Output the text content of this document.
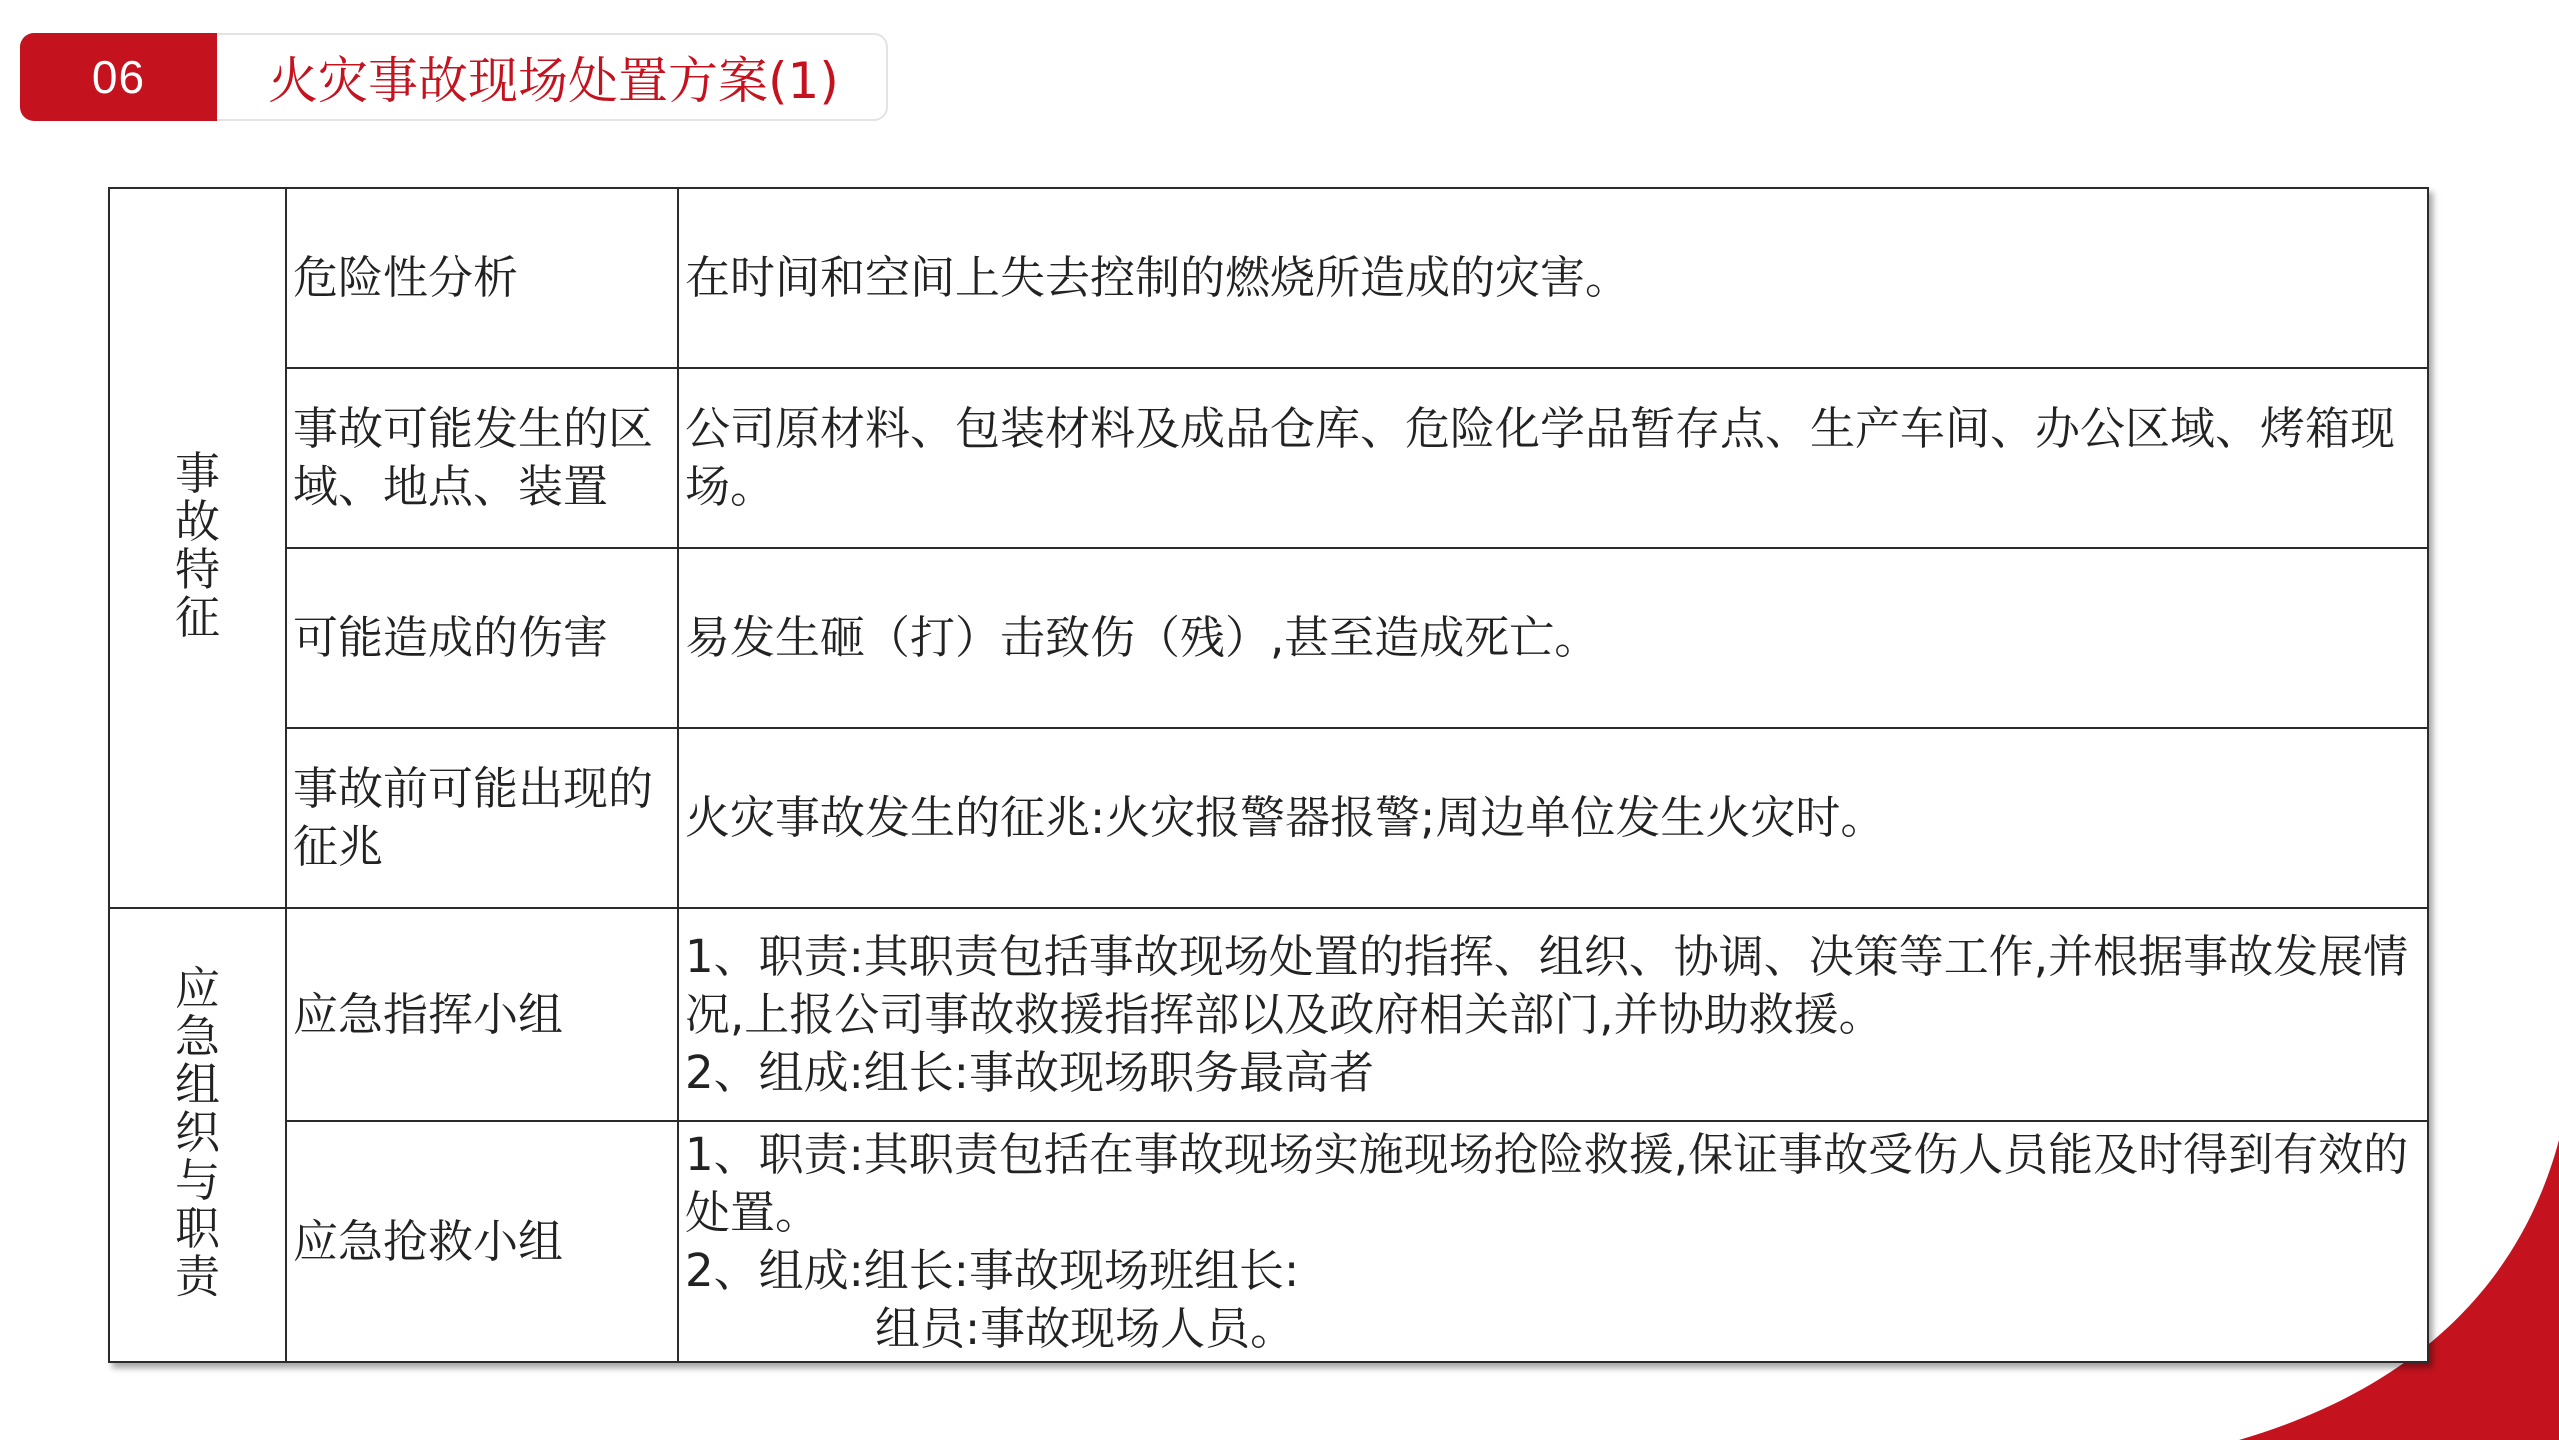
06	火灾事故现场处置方案(1)
事故特征	危险性分析	在时间和空间上失去控制的燃烧所造成的灾害。

	事故可能发生的区域、地点、装置	公司原材料、包装材料及成品仓库、危险化学品暂存点、生产车间、办公区域、烤箱现场。

	可能造成的伤害	易发生砸（打）击致伤（残）,甚至造成死亡。

	事故前可能出现的征兆	火灾事故发生的征兆:火灾报警器报警;周边单位发生火灾时。

应急组织与职责	应急指挥小组	1、职责:其职责包括事故现场处置的指挥、组织、协调、决策等工作,并根据事故发展情况,上报公司事故救援指挥部以及政府相关部门,并协助救援。
2、组成:组长:事故现场职务最高者

	应急抢救小组	1、职责:其职责包括在事故现场实施现场抢险救援,保证事故受伤人员能及时得到有效的处置。
2、组成:组长:事故现场班组长:
组员:事故现场人员。
